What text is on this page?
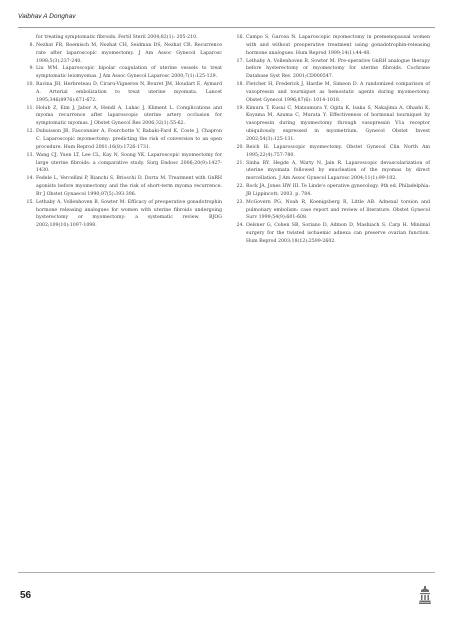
Vaibhav A Donghav
for treating symptomatic fibroids. Fertil Steril 2004;82(1): 205-210.
8. Nezhat FR, Roemisch M, Nezhat CH, Seidman DS, Nezhat CR. Recurrence rate after laparoscopic myomectomy. J Am Assoc Gynecol Laparosc 1998;5(3):237-240.
9. Liu WM. Laparoscopic bipolar coagulation of uterine vessels to treat symptomatic leiomyomas. J Am Assoc Gynecol Laparosc 2000;7(1):125-129.
10. Ravina JH, Herbreteau D, Ciraru-Vigneron N, Bouret JM, Houdart E, Aymard A. Arterial embolization to treat uterine myomata. Lancet 1995;346(8976):671-672.
11. Holub Z, Eim J, Jabor A, Hendl A, Lukac J, Kliment L. Complications and myoma recurrence after laparoscopic uterine artery occlusion for symptomatic myomas. J Obstet Gynecol Res 2006;32(1):55-62.
12. Dubuisson JB, Fauconnier A, Fourchotte V, Babaki-Fard K, Coste J, Chapron C. Laparoscopic myomectomy: predicting the risk of conversion to an open procedure. Hum Reprod 2001;16(8):1726-1731.
13. Wang CJ, Yuen LT, Lee CL, Kay N, Soong YK. Laparoscopic myomectomy for large uterine fibroids: a comparative study. Surg Endosc 2006;20(9):1427-1430.
14. Fedele L, Vercellini P, Bianchi S, Brioschi D, Dorta M. Treatment with GnRH agonists before myomectomy and the risk of short-term myoma recurrence. Br J Obstet Gynaecol 1990;97(5):393-396.
15. Lethaby A, Vollenhoven B, Sowter M. Efficacy of preoperative gonadotrophin hormone releasing analogues for women with uterine fibroids undergoing hysterectomy or myomectomy: a systematic review. BJOG 2002;109(10):1097-1098.
16. Campo S, Garcea N. Laparoscopic myomectomy in premenopausal women with and without preoperative treatment using gonadotrophin-releasing hormone analogues. Hum Reprod 1999;14(1):44-48.
17. Lethaby A, Vollenhoven B, Sowter M. Pre-operative GnRH analogue therapy before hysterectomy or myomectomy for uterine fibroids. Cochrane Database Syst Rev. 2001;CD000547.
18. Fletcher H, Frederick J, Hardie M, Simeon D. A randomized comparison of vasopressin and tourniquet as hemostatic agents during myomectomy. Obstet Gynecol 1996;87(6): 1014-1018.
19. Kimura T, Kusui C, Matsumura Y, Ogita K, Isaka S, Nakajima A, Ohashi K, Koyama M, Azuma C, Murata Y. Effectiveness of hormonal tourniquet by vasopressin during myomectomy through vasopressin V1a receptor ubiquitously expressed in myometrium. Gynecol Obstet Invest 2002;54(3):125-131.
20. Reich H. Laparoscopic myomectomy. Obstet Gynecol Clin North Am 1995;22(4):757-780.
21. Sinha RY, Hegde A, Warty N, Jain R. Laparoscopic devascularization of uterine myomata followed by enucleation of the myomas by direct morcellation. J Am Assoc Gynecol Laparosc 2004;11(1):99-102.
22. Rock JA, Jones HW III. Te Linde's operative gynecology. 9th ed. Philadelphia: JB Lippincott; 2003. p. 784.
23. McGovern PG, Noah R, Koenigsberg R, Little AB. Adnexal torsion and pulmonary embolism: case report and review of literature. Obstet Gynecol Surv 1999;54(9):601-608.
24. Oelsner G, Cohen SB, Soriano D, Admon D, Mashiach S, Carp H. Minimal surgery for the twisted ischaemic adnexa can preserve ovarian function. Hum Reprod 2003;18(12):2599-2602.
56
